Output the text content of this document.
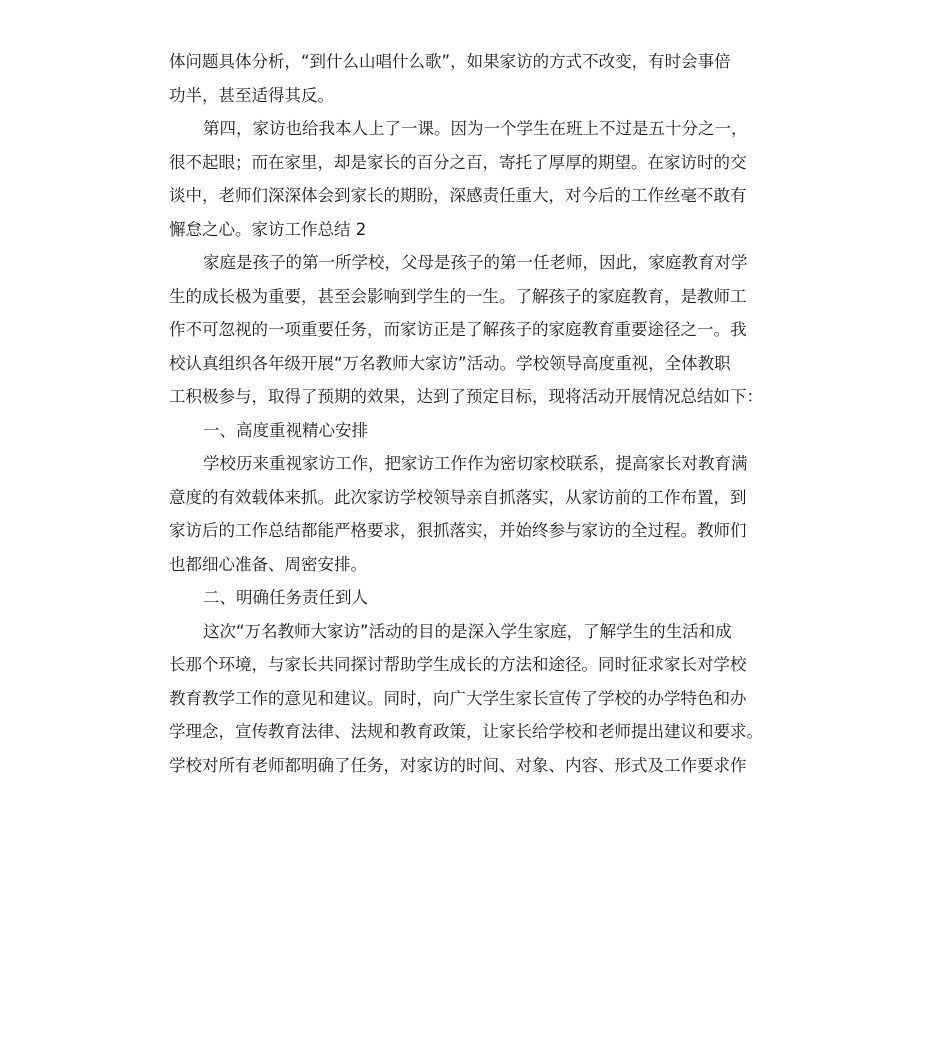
体问题具体分析，“到什么山唱什么歌”，如果家访的方式不改变，有时会事倍
功半，甚至适得其反。
第四，家访也给我本人上了一课。因为一个学生在班上不过是五十分之一，
很不起眼；而在家里，却是家长的百分之百，寄托了厚厚的期望。在家访时的交
谈中，老师们深深体会到家长的期盼，深感责任重大，对今后的工作丝毫不敢有
懈怠之心。家访工作总结 2
家庭是孩子的第一所学校，父母是孩子的第一任老师，因此，家庭教育对学
生的成长极为重要，甚至会影响到学生的一生。了解孩子的家庭教育，是教师工
作不可忽视的一项重要任务，而家访正是了解孩子的家庭教育重要途径之一。我
校认真组织各年级开展“万名教师大家访”活动。学校领导高度重视，全体教职
工积极参与，取得了预期的效果，达到了预定目标，现将活动开展情况总结如下：
一、高度重视精心安排
学校历来重视家访工作，把家访工作作为密切家校联系，提高家长对教育满
意度的有效载体来抓。此次家访学校领导亲自抓落实，从家访前的工作布置，到
家访后的工作总结都能严格要求，狠抓落实，并始终参与家访的全过程。教师们
也都细心准备、周密安排。
二、明确任务责任到人
这次“万名教师大家访”活动的目的是深入学生家庭，了解学生的生活和成
长那个环境，与家长共同探讨帮助学生成长的方法和途径。同时征求家长对学校
教育教学工作的意见和建议。同时，向广大学生家长宣传了学校的办学特色和办
学理念，宣传教育法律、法规和教育政策，让家长给学校和老师提出建议和要求。
学校对所有老师都明确了任务，对家访的时间、对象、内容、形式及工作要求作
